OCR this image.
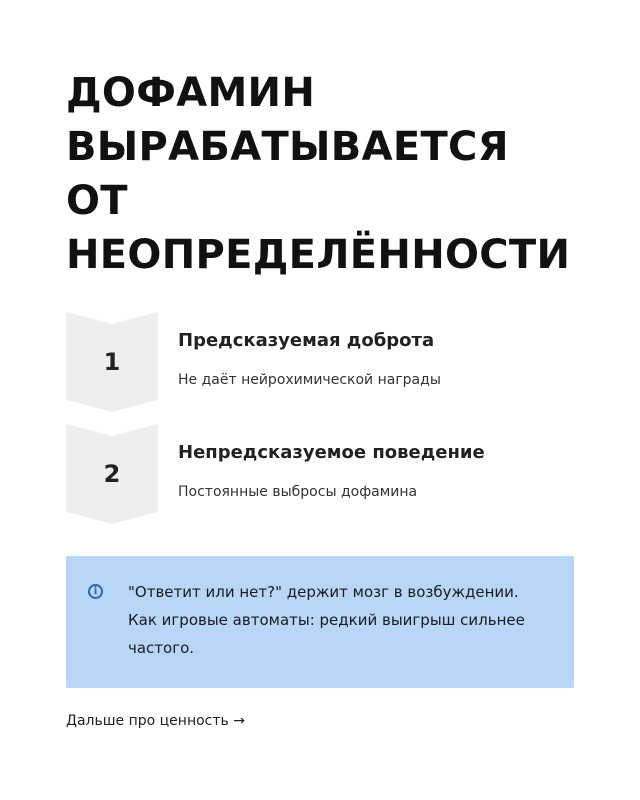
ДОФАМИН
ВЫРАБАТЫВАЕТСЯ
ОТ
НЕОПРЕДЕЛЁННОСТИ
1
Предсказуемая доброта
Не даёт нейрохимической награды
2
Непредсказуемое поведение
Постоянные выбросы дофамина
i	"Ответит или нет?" держит мозг в возбуждении. Как игровые автоматы: редкий выигрыш сильнее частого.
Дальше про ценность →
